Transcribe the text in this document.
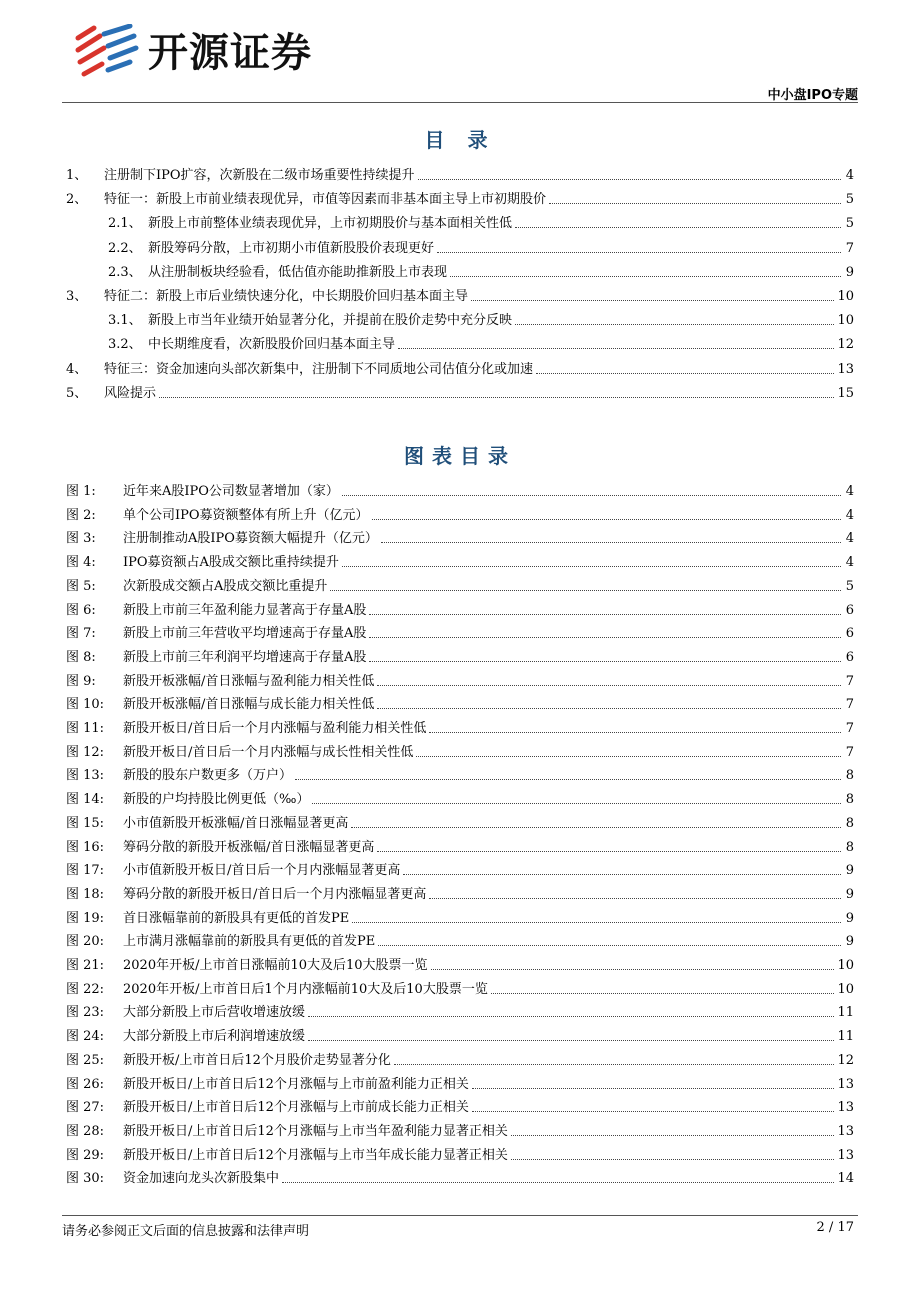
开源证券
中小盘IPO专题
目 录
1、	注册制下IPO扩容，次新股在二级市场重要性持续提升	4
2、	特征一：新股上市前业绩表现优异，市值等因素而非基本面主导上市初期股价	5
2.1、 新股上市前整体业绩表现优异，上市初期股价与基本面相关性低	5
2.2、 新股筹码分散，上市初期小市值新股股价表现更好	7
2.3、 从注册制板块经验看，低估值亦能助推新股上市表现	9
3、	特征二：新股上市后业绩快速分化，中长期股价回归基本面主导	10
3.1、 新股上市当年业绩开始显著分化，并提前在股价走势中充分反映	10
3.2、 中长期维度看，次新股股价回归基本面主导	12
4、	特征三：资金加速向头部次新集中，注册制下不同质地公司估值分化或加速	13
5、	风险提示	15
图表目录
图 1:	近年来A股IPO公司数显著增加（家）	4
图 2:	单个公司IPO募资额整体有所上升（亿元）	4
图 3:	注册制推动A股IPO募资额大幅提升（亿元）	4
图 4:	IPO募资额占A股成交额比重持续提升	4
图 5:	次新股成交额占A股成交额比重提升	5
图 6:	新股上市前三年盈利能力显著高于存量A股	6
图 7:	新股上市前三年营收平均增速高于存量A股	6
图 8:	新股上市前三年利润平均增速高于存量A股	6
图 9:	新股开板涨幅/首日涨幅与盈利能力相关性低	7
图 10:	新股开板涨幅/首日涨幅与成长能力相关性低	7
图 11:	新股开板日/首日后一个月内涨幅与盈利能力相关性低	7
图 12:	新股开板日/首日后一个月内涨幅与成长性相关性低	7
图 13:	新股的股东户数更多（万户）	8
图 14:	新股的户均持股比例更低（‰）	8
图 15:	小市值新股开板涨幅/首日涨幅显著更高	8
图 16:	筹码分散的新股开板涨幅/首日涨幅显著更高	8
图 17:	小市值新股开板日/首日后一个月内涨幅显著更高	9
图 18:	筹码分散的新股开板日/首日后一个月内涨幅显著更高	9
图 19:	首日涨幅靠前的新股具有更低的首发PE	9
图 20:	上市满月涨幅靠前的新股具有更低的首发PE	9
图 21:	2020年开板/上市首日涨幅前10大及后10大股票一览	10
图 22:	2020年开板/上市首日后1个月内涨幅前10大及后10大股票一览	10
图 23:	大部分新股上市后营收增速放缓	11
图 24:	大部分新股上市后利润增速放缓	11
图 25:	新股开板/上市首日后12个月股价走势显著分化	12
图 26:	新股开板日/上市首日后12个月涨幅与上市前盈利能力正相关	13
图 27:	新股开板日/上市首日后12个月涨幅与上市前成长能力正相关	13
图 28:	新股开板日/上市首日后12个月涨幅与上市当年盈利能力显著正相关	13
图 29:	新股开板日/上市首日后12个月涨幅与上市当年成长能力显著正相关	13
图 30:	资金加速向龙头次新股集中	14
请务必参阅正文后面的信息披露和法律声明	2 / 17
